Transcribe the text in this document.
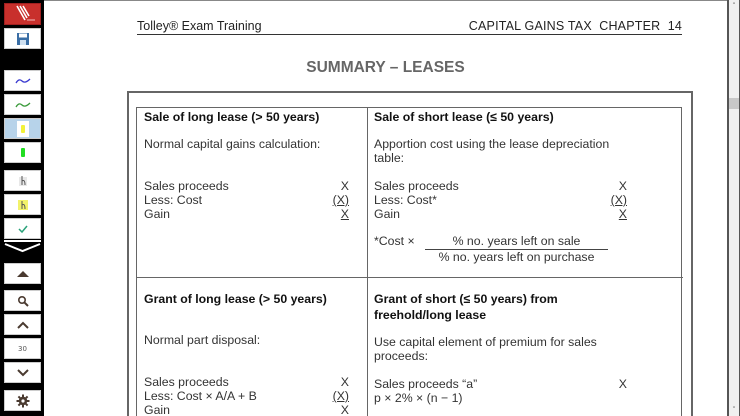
30
Tolley® Exam Training	CAPITAL GAINS TAX  CHAPTER  14
SUMMARY – LEASES
Sale of long lease (> 50 years)

Normal capital gains calculation:

Sales proceeds	X
Less: Cost	(X)
Gain	X
Sale of short lease (≤ 50 years)

Apportion cost using the lease depreciation table:

Sales proceeds	X
Less: Cost*	(X)
Gain	X
*Cost ×	% no. years left on sale
% no. years left on purchase
Grant of long lease (> 50 years)

Normal part disposal:

Sales proceeds	X
Less: Cost × A/A + B	(X)
Gain	X
Grant of short (≤ 50 years) from freehold/long lease

Use capital element of premium for sales proceeds:

Sales proceeds “a”	X
p × 2% × (n − 1)
˄
˅
